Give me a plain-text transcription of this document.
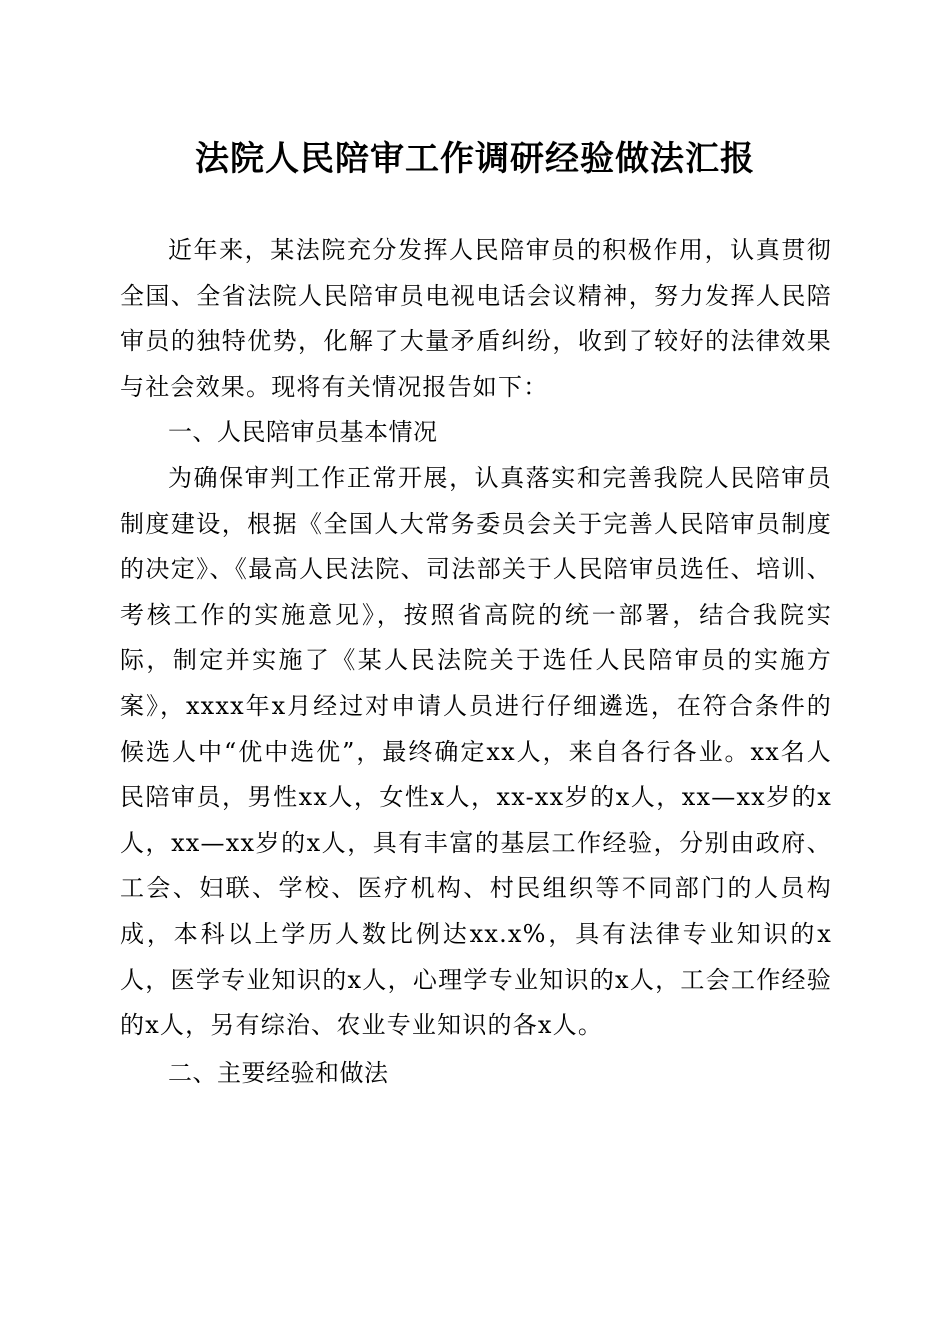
法院人民陪审工作调研经验做法汇报

近年来，某法院充分发挥人民陪审员的积极作用，认真贯彻全国、全省法院人民陪审员电视电话会议精神，努力发挥人民陪审员的独特优势，化解了大量矛盾纠纷，收到了较好的法律效果与社会效果。现将有关情况报告如下：

一、人民陪审员基本情况

为确保审判工作正常开展，认真落实和完善我院人民陪审员制度建设，根据《全国人大常务委员会关于完善人民陪审员制度的决定》、《最高人民法院、司法部关于人民陪审员选任、培训、考核工作的实施意见》，按照省高院的统一部署，结合我院实际，制定并实施了《某人民法院关于选任人民陪审员的实施方案》，xxxx年x月经过对申请人员进行仔细遴选，在符合条件的候选人中“优中选优”，最终确定xx人，来自各行各业。xx名人民陪审员，男性xx人，女性x人，xx-xx岁的x人，xx—xx岁的x人，xx—xx岁的x人，具有丰富的基层工作经验，分别由政府、工会、妇联、学校、医疗机构、村民组织等不同部门的人员构成，本科以上学历人数比例达xx.x%，具有法律专业知识的x人，医学专业知识的x人，心理学专业知识的x人，工会工作经验的x人，另有综治、农业专业知识的各x人。

二、主要经验和做法
